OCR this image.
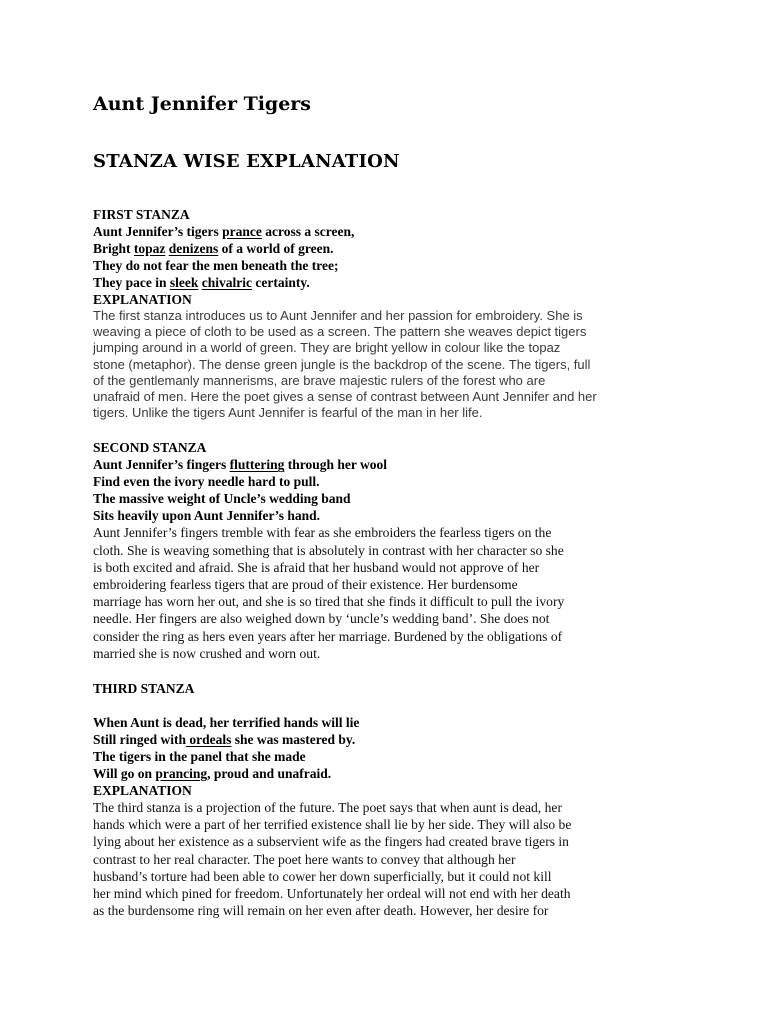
Aunt Jennifer Tigers
STANZA WISE EXPLANATION

FIRST STANZA

Aunt Jennifer’s tigers prance across a screen,

Bright topaz denizens of a world of green.

They do not fear the men beneath the tree;

They pace in sleek chivalric certainty.

EXPLANATION

The first stanza introduces us to Aunt Jennifer and her passion for embroidery. She is
weaving a piece of cloth to be used as a screen. The pattern she weaves depict tigers
jumping around in a world of green. They are bright yellow in colour like the topaz
stone (metaphor). The dense green jungle is the backdrop of the scene. The tigers, full
of the gentlemanly mannerisms, are brave majestic rulers of the forest who are
unafraid of men. Here the poet gives a sense of contrast between Aunt Jennifer and her
tigers. Unlike the tigers Aunt Jennifer is fearful of the man in her life.

SECOND STANZA

Aunt Jennifer’s fingers fluttering through her wool

Find even the ivory needle hard to pull.

The massive weight of Uncle’s wedding band

Sits heavily upon Aunt Jennifer’s hand.

Aunt Jennifer’s fingers tremble with fear as she embroiders the fearless tigers on the
cloth. She is weaving something that is absolutely in contrast with her character so she
is both excited and afraid. She is afraid that her husband would not approve of her
embroidering fearless tigers that are proud of their existence. Her burdensome
marriage has worn her out, and she is so tired that she finds it difficult to pull the ivory
needle. Her fingers are also weighed down by ‘uncle’s wedding band’. She does not
consider the ring as hers even years after her marriage. Burdened by the obligations of
married she is now crushed and worn out.

THIRD STANZA

When Aunt is dead, her terrified hands will lie

Still ringed with ordeals she was mastered by.

The tigers in the panel that she made

Will go on prancing, proud and unafraid.

EXPLANATION

The third stanza is a projection of the future. The poet says that when aunt is dead, her
hands which were a part of her terrified existence shall lie by her side. They will also be
lying about her existence as a subservient wife as the fingers had created brave tigers in
contrast to her real character. The poet here wants to convey that although her
husband’s torture had been able to cower her down superficially, but it could not kill
her mind which pined for freedom. Unfortunately her ordeal will not end with her death
as the burdensome ring will remain on her even after death. However, her desire for
